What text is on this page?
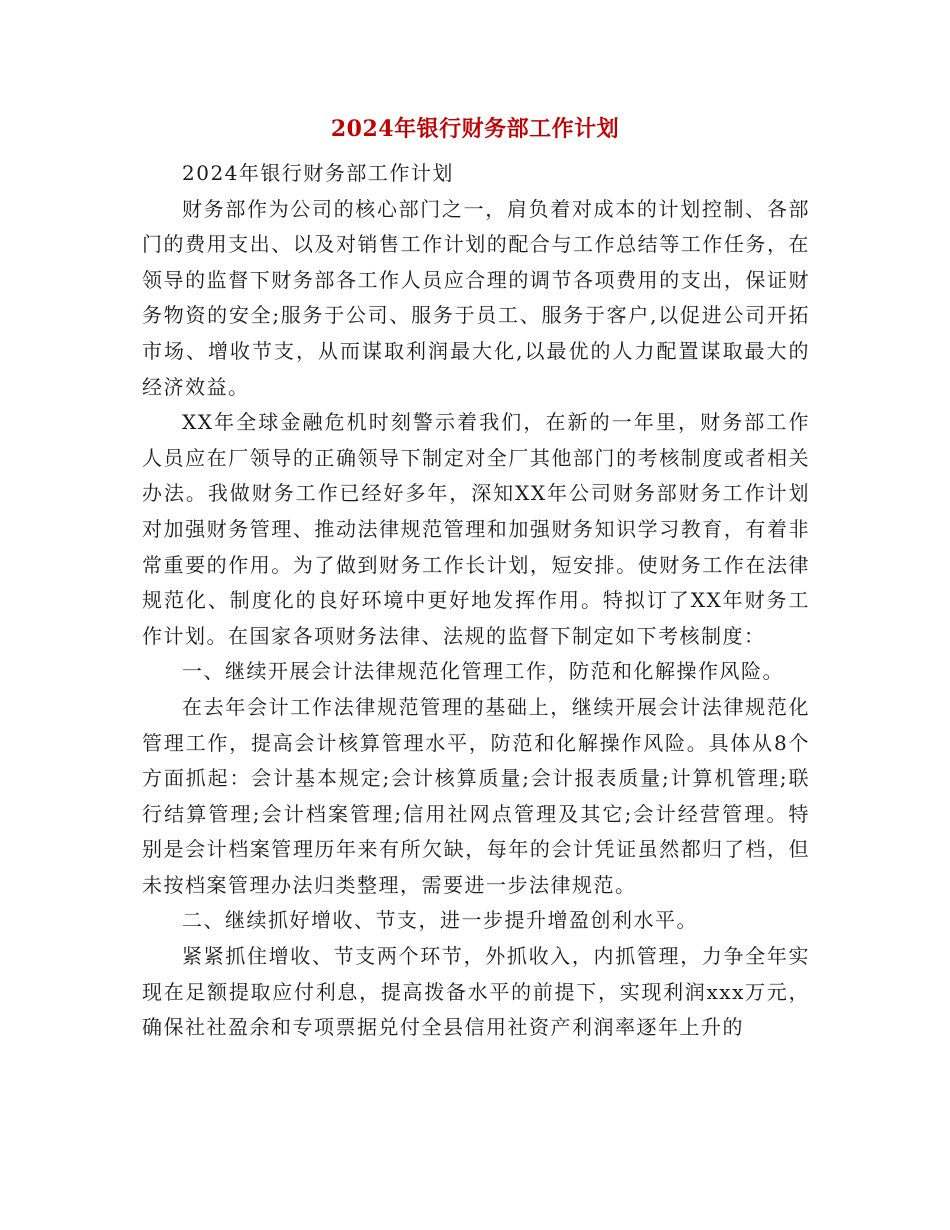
2024年银行财务部工作计划

2024年银行财务部工作计划

财务部作为公司的核心部门之一，肩负着对成本的计划控制、各部门的费用支出、以及对销售工作计划的配合与工作总结等工作任务，在领导的监督下财务部各工作人员应合理的调节各项费用的支出，保证财务物资的安全;服务于公司、服务于员工、服务于客户,以促进公司开拓市场、增收节支，从而谋取利润最大化,以最优的人力配置谋取最大的经济效益。

XX年全球金融危机时刻警示着我们，在新的一年里，财务部工作人员应在厂领导的正确领导下制定对全厂其他部门的考核制度或者相关办法。我做财务工作已经好多年，深知XX年公司财务部财务工作计划对加强财务管理、推动法律规范管理和加强财务知识学习教育，有着非常重要的作用。为了做到财务工作长计划，短安排。使财务工作在法律规范化、制度化的良好环境中更好地发挥作用。特拟订了XX年财务工作计划。在国家各项财务法律、法规的监督下制定如下考核制度：

一、继续开展会计法律规范化管理工作，防范和化解操作风险。

在去年会计工作法律规范管理的基础上，继续开展会计法律规范化管理工作，提高会计核算管理水平，防范和化解操作风险。具体从8个方面抓起：会计基本规定;会计核算质量;会计报表质量;计算机管理;联行结算管理;会计档案管理;信用社网点管理及其它;会计经营管理。特别是会计档案管理历年来有所欠缺，每年的会计凭证虽然都归了档，但未按档案管理办法归类整理，需要进一步法律规范。

二、继续抓好增收、节支，进一步提升增盈创利水平。

紧紧抓住增收、节支两个环节，外抓收入，内抓管理，力争全年实现在足额提取应付利息，提高拨备水平的前提下，实现利润xxx万元，确保社社盈余和专项票据兑付全县信用社资产利润率逐年上升的
